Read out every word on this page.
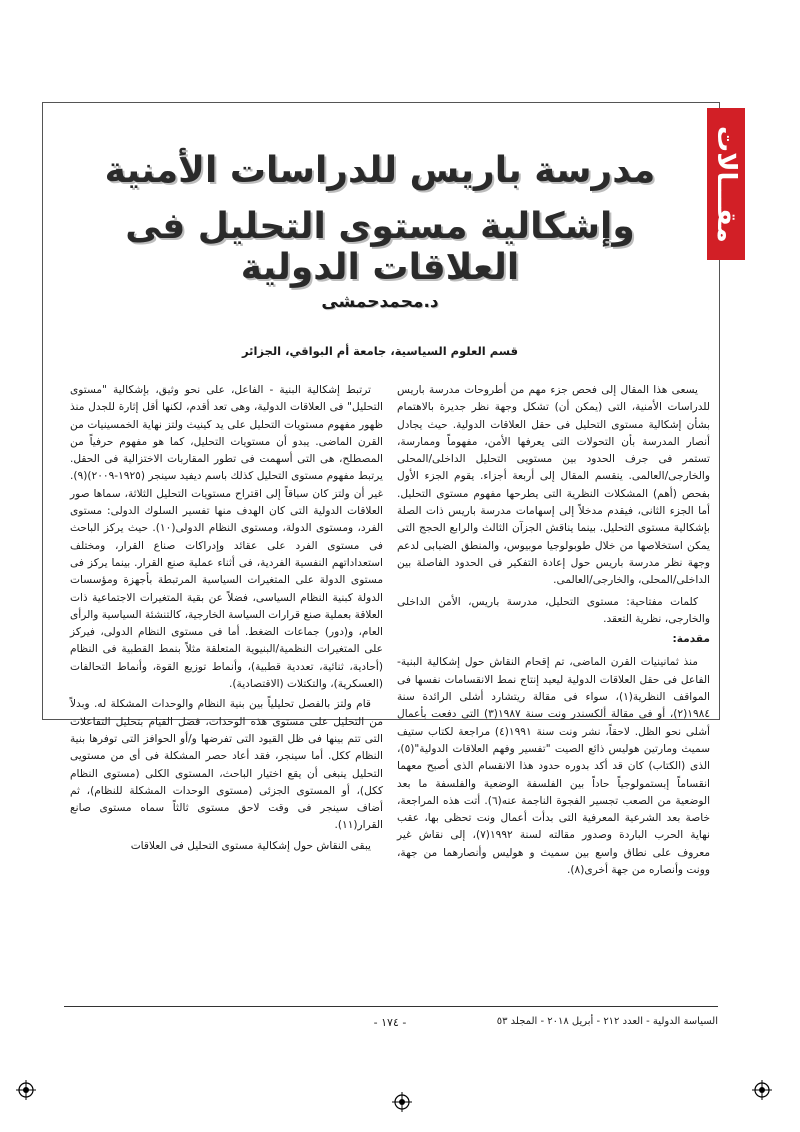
مقـــالات
مدرسة باريس للدراسات الأمنية
وإشكالية مستوى التحليل فى العلاقات الدولية
د.محمدحمشى
قسم العلوم السياسية، جامعة أم البواقي، الجزائر

يسعى هذا المقال إلى فحص جزء مهم من أطروحات مدرسة باريس للدراسات الأمنية، التى (يمكن أن) تشكل وجهة نظر جديرة بالاهتمام بشأن إشكالية مستوى التحليل فى حقل العلاقات الدولية. حيث يجادل أنصار المدرسة بأن التحولات التى يعرفها الأمن، مفهوماً وممارسة، تستمر فى جرف الحدود بين مستويى التحليل الداخلى/المحلى والخارجى/العالمى. ينقسم المقال إلى أربعة أجزاء. يقوم الجزء الأول بفحص (أهم) المشكلات النظرية التى يطرحها مفهوم مستوى التحليل. أما الجزء الثانى، فيقدم مدخلاً إلى إسهامات مدرسة باريس ذات الصلة بإشكالية مستوى التحليل. بينما يناقش الجزآن الثالث والرابع الحجج التى يمكن استخلاصها من خلال طوبولوجيا موبيوس، والمنطق الضبابى لدعم وجهة نظر مدرسة باريس حول إعادة التفكير فى الحدود الفاصلة بين الداخلى/المحلى، والخارجى/العالمى.

كلمات مفتاحية: مستوى التحليل، مدرسة باريس، الأمن الداخلى والخارجى، نظرية التعقد.

مقدمة:

منذ ثمانينيات القرن الماضى، تم إقحام النقاش حول إشكالية البنية-الفاعل فى حقل العلاقات الدولية ليعيد إنتاج نمط الانقسامات نفسها فى المواقف النظرية(١)، سواء فى مقالة ريتشارد أشلى الرائدة سنة ١٩٨٤(٢)، أو فى مقالة ألكسندر ونت سنة ١٩٨٧(٣) التى دفعت بأعمال أشلى نحو الظل. لاحقاً، نشر ونت سنة ١٩٩١(٤) مراجعة لكتاب ستيف سميث ومارتين هوليس ذائع الصيت "تفسير وفهم العلاقات الدولية"(٥)، الذى (الكتاب) كان قد أكد بدوره حدود هذا الانقسام الذى أصبح معهما انقساماً إبستمولوجياً حاداً بين الفلسفة الوضعية والفلسفة ما بعد الوضعية من الصعب تجسير الفجوة الناجمة عنه(٦). أتت هذه المراجعة، خاصة بعد الشرعية المعرفية التى بدأت أعمال ونت تحظى بها، عقب نهاية الحرب الباردة وصدور مقالته لسنة ١٩٩٢(٧)، إلى نقاش غير معروف على نطاق واسع بين سميث و هوليس وأنصارهما من جهة، وونت وأنصاره من جهة أخرى(٨).

ترتبط إشكالية البنية - الفاعل، على نحو وثيق، بإشكالية "مستوى التحليل" فى العلاقات الدولية، وهى تعد أقدم، لكنها أقل إثارة للجدل منذ ظهور مفهوم مستويات التحليل على يد كينيث ولتز نهاية الخمسينيات من القرن الماضى. يبدو أن مستويات التحليل، كما هو مفهوم حرفياً من المصطلح، هى التى أسهمت فى تطور المقاربات الاختزالية فى الحقل. يرتبط مفهوم مستوى التحليل كذلك باسم ديفيد سينجر (١٩٢٥-٢٠٠٩)(٩). غير أن ولتز كان سباقاً إلى اقتراح مستويات التحليل الثلاثة، سماها صور العلاقات الدولية التى كان الهدف منها تفسير السلوك الدولى: مستوى الفرد، ومستوى الدولة، ومستوى النظام الدولى(١٠). حيث يركز الباحث فى مستوى الفرد على عقائد وإدراكات صناع القرار، ومختلف استعداداتهم النفسية الفردية، فى أثناء عملية صنع القرار. بينما يركز فى مستوى الدولة على المتغيرات السياسية المرتبطة بأجهزة ومؤسسات الدولة كبنية النظام السياسى، فضلاً عن بقية المتغيرات الاجتماعية ذات العلاقة بعملية صنع قرارات السياسة الخارجية، كالتنشئة السياسية والرأى العام، و(دور) جماعات الضغط. أما فى مستوى النظام الدولى، فيركز على المتغيرات النظمية/البنيوية المتعلقة مثلاً بنمط القطبية فى النظام (أحادية، ثنائية، تعددية قطبية)، وأنماط توزيع القوة، وأنماط التحالفات (العسكرية)، والتكتلات (الاقتصادية).

قام ولتز بالفصل تحليلياً بين بنية النظام والوحدات المشكلة له. وبدلاً من التحليل على مستوى هذه الوحدات، فضل القيام بتحليل التفاعلات التى تتم بينها فى ظل القيود التى تفرضها و/أو الحوافز التى توفرها بنية النظام ككل. أما سينجر، فقد أعاد حصر المشكلة فى أى من مستويى التحليل ينبغى أن يقع اختيار الباحث، المستوى الكلى (مستوى النظام ككل)، أو المستوى الجزئى (مستوى الوحدات المشكلة للنظام)، ثم أضاف سينجر فى وقت لاحق مستوى ثالثاً سماه مستوى صانع القرار(١١).

يبقى النقاش حول إشكالية مستوى التحليل فى العلاقات

- ١٧٤ -	السياسة الدولية - العدد ٢١٢ - أبريل ٢٠١٨ - المجلد ٥٣
